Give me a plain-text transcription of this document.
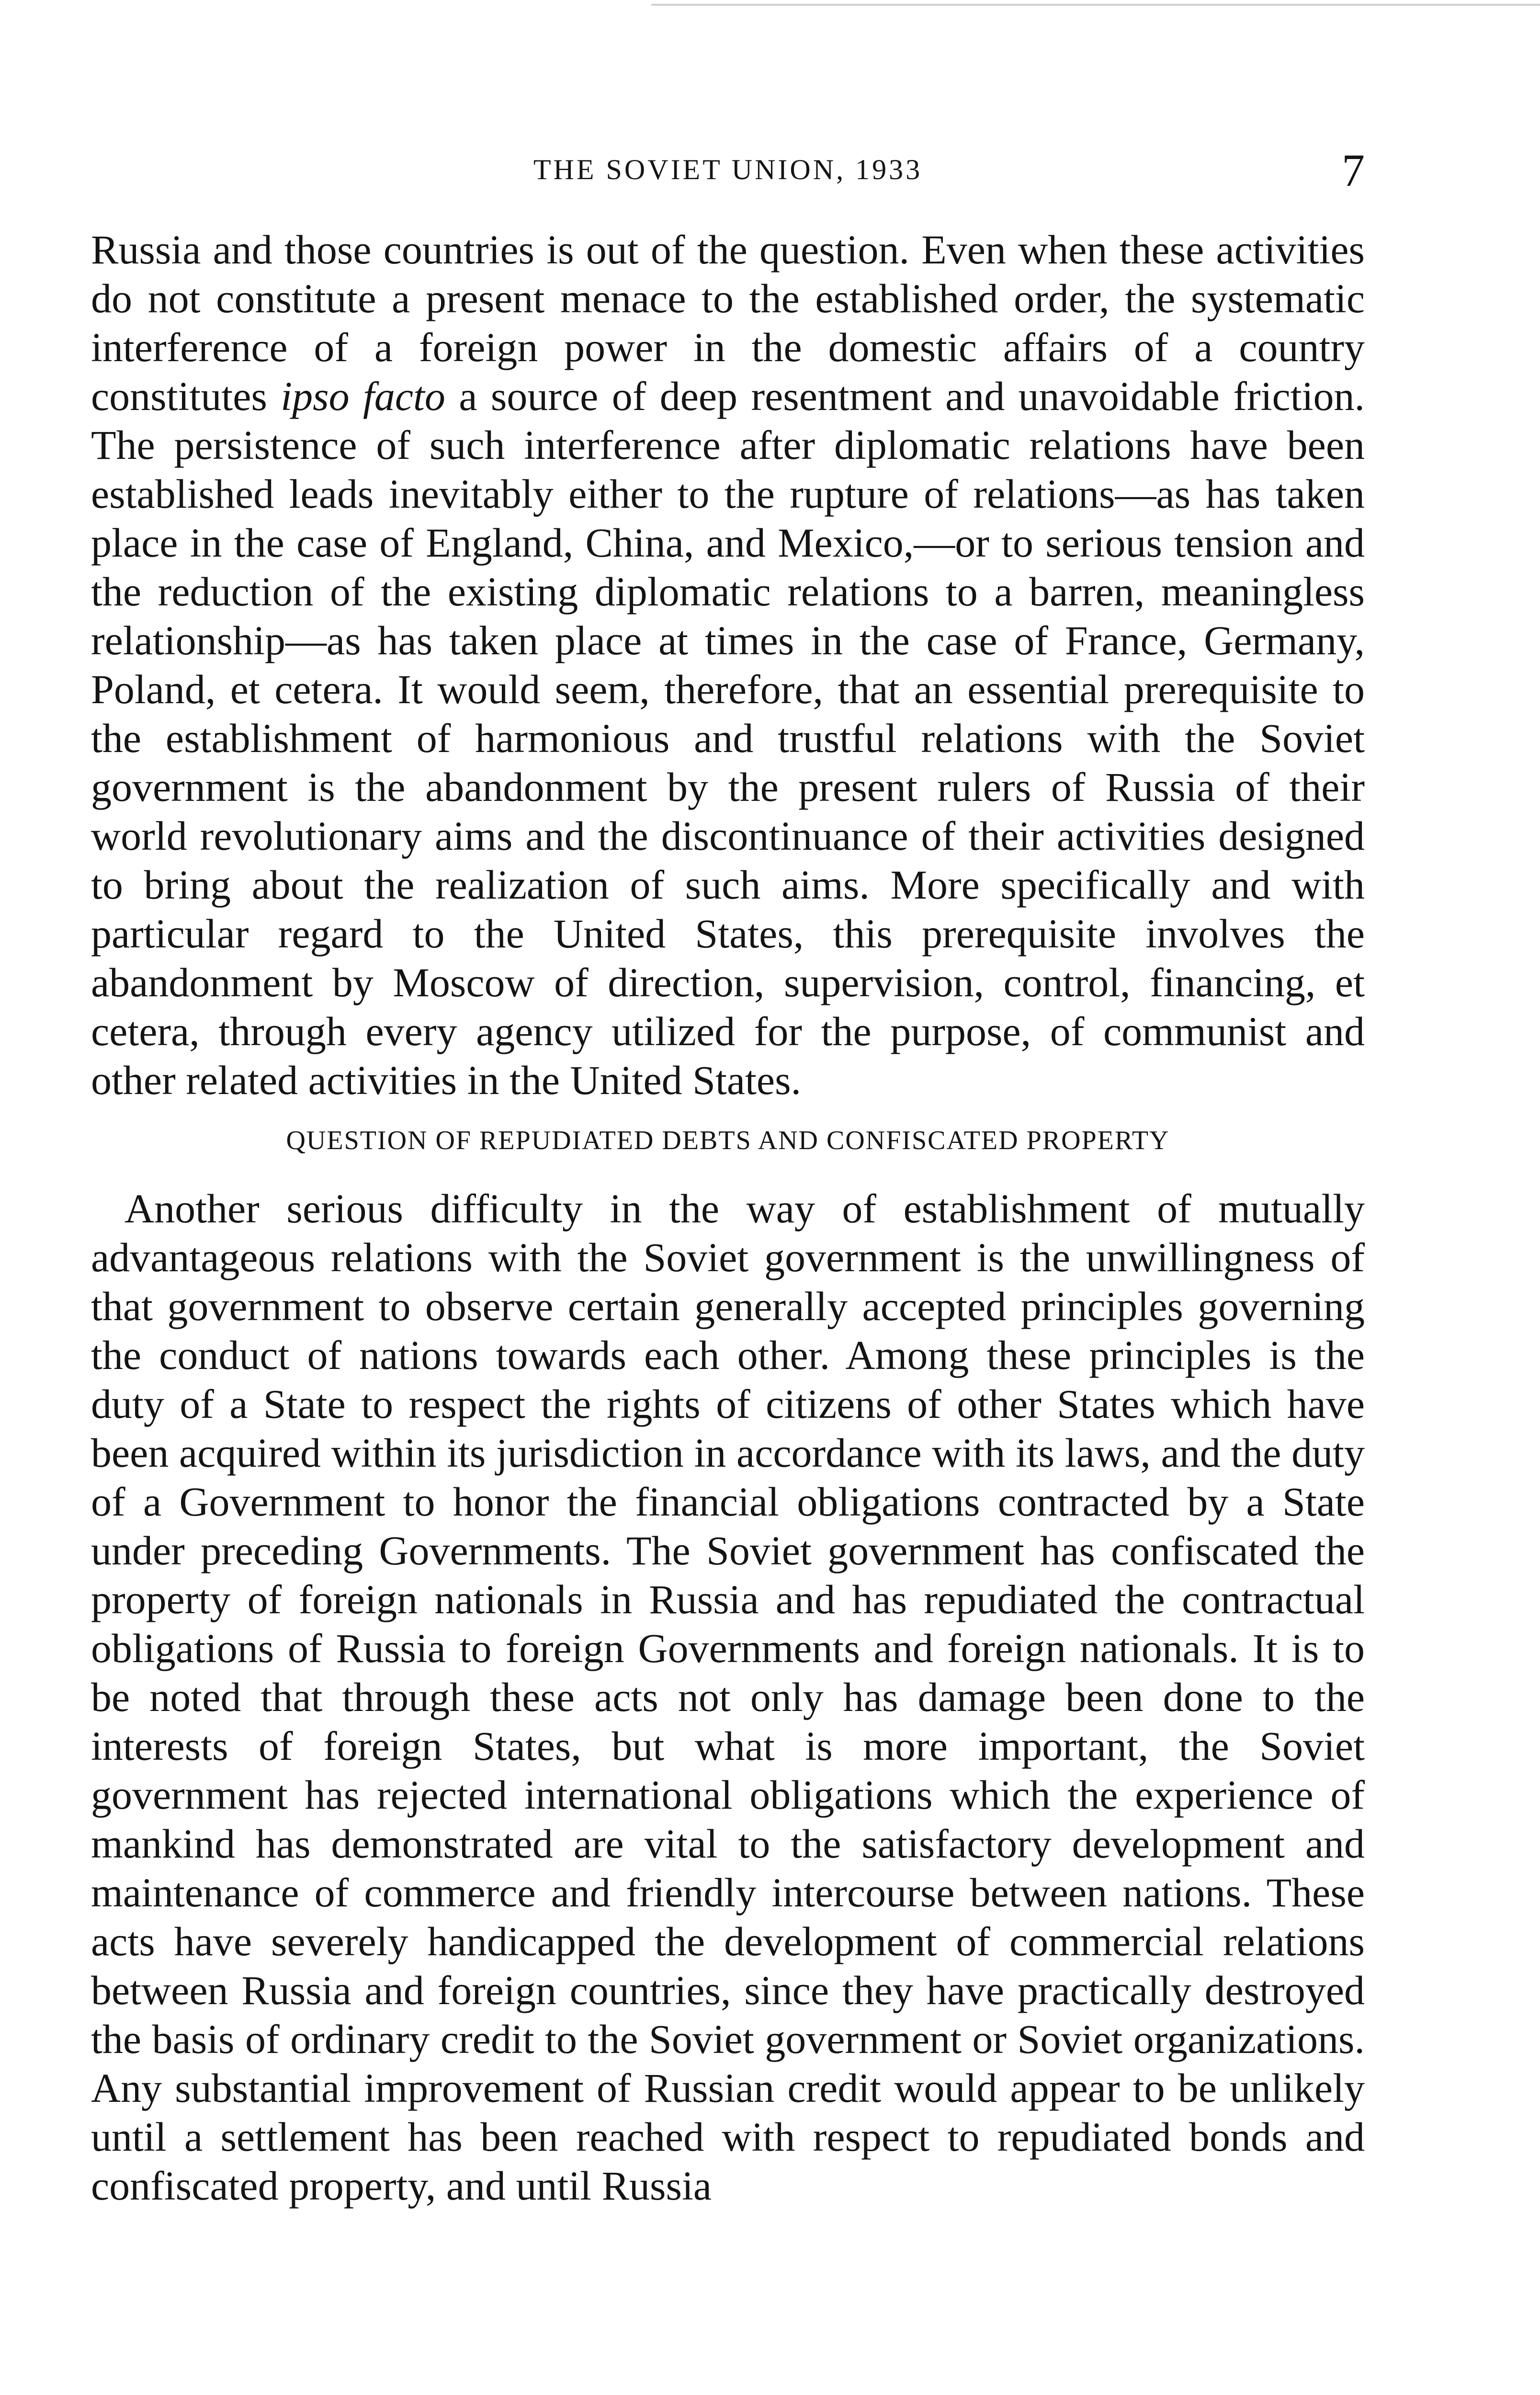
THE SOVIET UNION, 1933	7

Russia and those countries is out of the question. Even when these activities do not constitute a present menace to the established order, the systematic interference of a foreign power in the domestic affairs of a country constitutes ipso facto a source of deep resentment and unavoidable friction. The persistence of such interference after diplomatic relations have been established leads inevitably either to the rupture of relations—as has taken place in the case of England, China, and Mexico,—or to serious tension and the reduction of the existing diplomatic relations to a barren, meaningless relationship—as has taken place at times in the case of France, Germany, Poland, et cetera. It would seem, therefore, that an essential prerequisite to the establishment of harmonious and trustful relations with the Soviet government is the abandonment by the present rulers of Russia of their world revolutionary aims and the discontinuance of their activities designed to bring about the realization of such aims. More specifically and with particular regard to the United States, this prerequisite involves the abandonment by Moscow of direction, supervision, control, financing, et cetera, through every agency utilized for the purpose, of communist and other related activities in the United States.

QUESTION OF REPUDIATED DEBTS AND CONFISCATED PROPERTY

Another serious difficulty in the way of establishment of mutually advantageous relations with the Soviet government is the unwillingness of that government to observe certain generally accepted principles governing the conduct of nations towards each other. Among these principles is the duty of a State to respect the rights of citizens of other States which have been acquired within its jurisdiction in accordance with its laws, and the duty of a Government to honor the financial obligations contracted by a State under preceding Governments. The Soviet government has confiscated the property of foreign nationals in Russia and has repudiated the contractual obligations of Russia to foreign Governments and foreign nationals. It is to be noted that through these acts not only has damage been done to the interests of foreign States, but what is more important, the Soviet government has rejected international obligations which the experience of mankind has demonstrated are vital to the satisfactory development and maintenance of commerce and friendly intercourse between nations. These acts have severely handicapped the development of commercial relations between Russia and foreign countries, since they have practically destroyed the basis of ordinary credit to the Soviet government or Soviet organizations. Any substantial improvement of Russian credit would appear to be unlikely until a settlement has been reached with respect to repudiated bonds and confiscated property, and until Russia
